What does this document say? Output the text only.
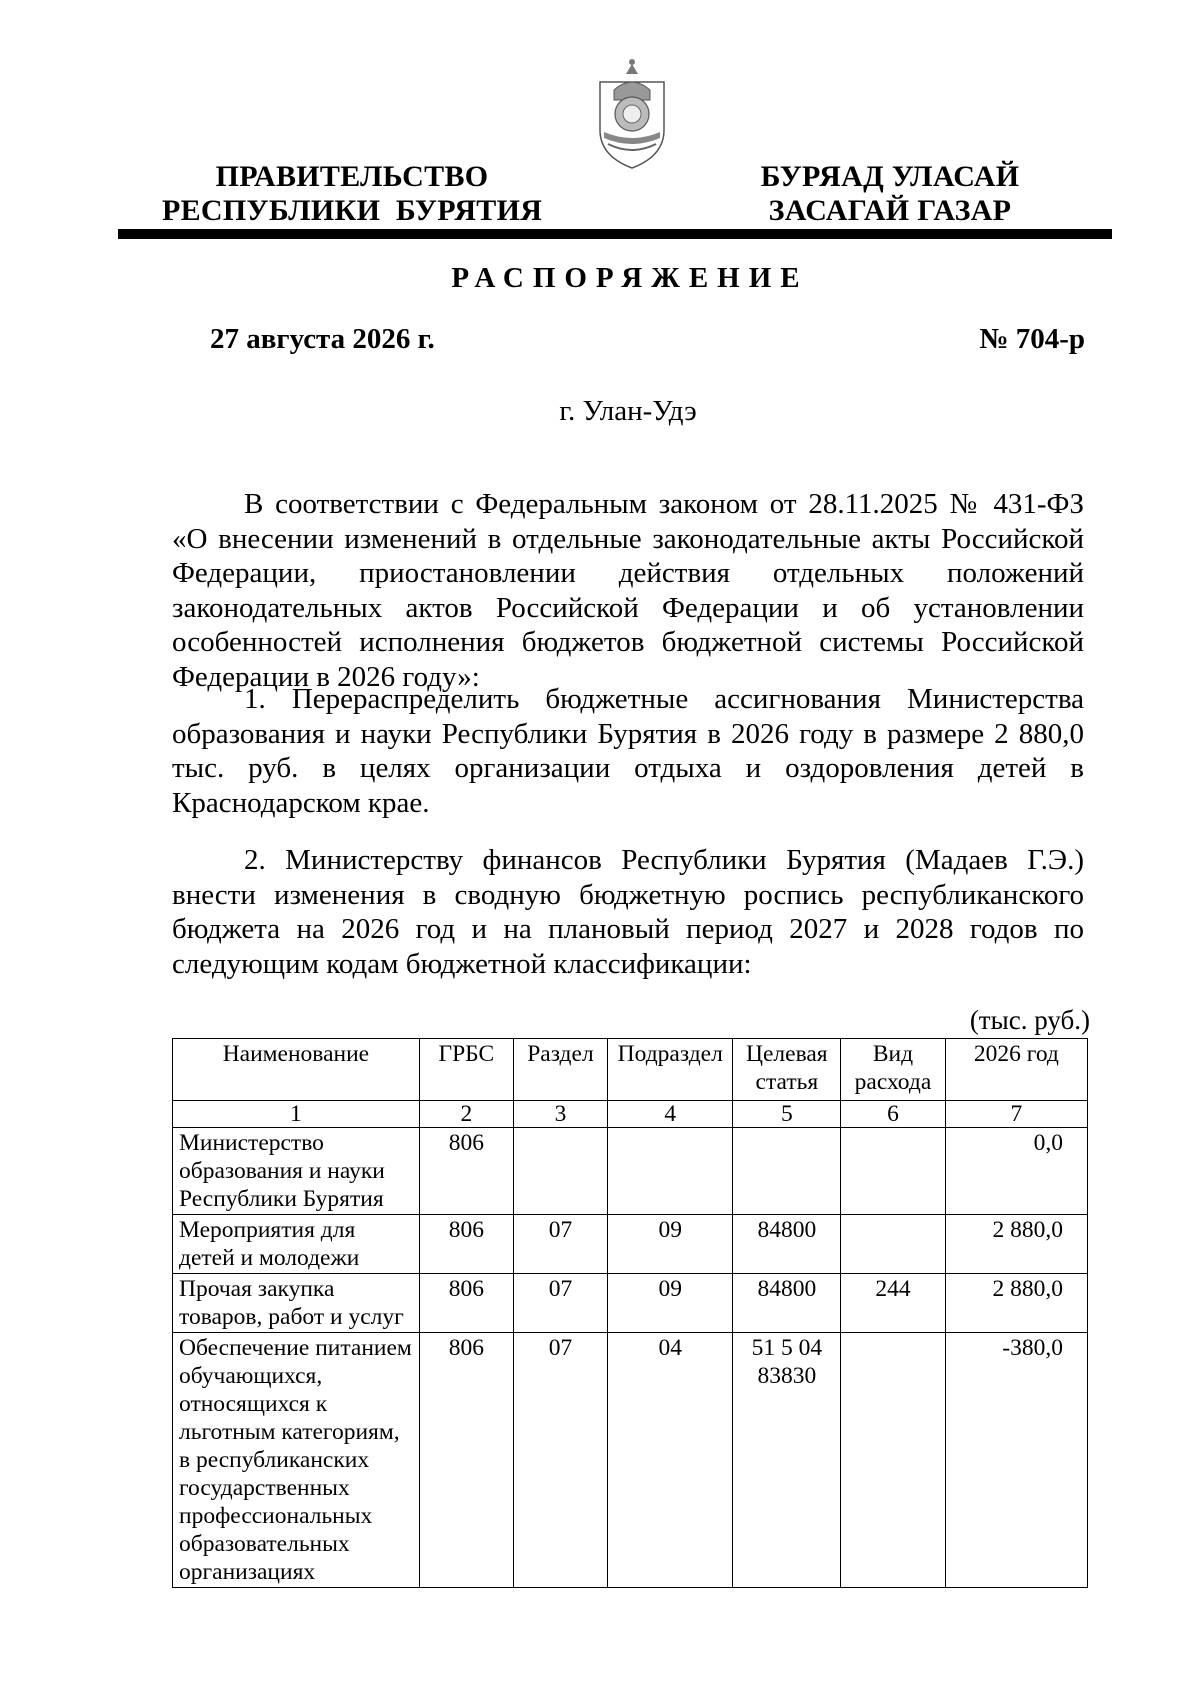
ПРАВИТЕЛЬСТВО
РЕСПУБЛИКИ  БУРЯТИЯ
БУРЯАД УЛАСАЙ
ЗАСАГАЙ ГАЗАР
РАСПОРЯЖЕНИЕ
27 августа 2026 г.	№ 704-р
г. Улан-Удэ
В соответствии с Федеральным законом от 28.11.2025 № 431-ФЗ «О внесении изменений в отдельные законодательные акты Российской Федерации, приостановлении действия отдельных положений законодательных актов Российской Федерации и об установлении особенностей исполнения бюджетов бюджетной системы Российской Федерации в 2026 году»:
1. Перераспределить бюджетные ассигнования Министерства образования и науки Республики Бурятия в 2026 году в размере 2 880,0 тыс. руб. в целях организации отдыха и оздоровления детей в Краснодарском крае.
2. Министерству финансов Республики Бурятия (Мадаев Г.Э.) внести изменения в сводную бюджетную роспись республиканского бюджета на 2026 год и на плановый период 2027 и 2028 годов по следующим кодам бюджетной классификации:
(тыс. руб.)
Наименование	ГРБС	Раздел	Подраздел	Целевая статья	Вид расхода	2026 год
1	2	3	4	5	6	7
Министерство образования и науки Республики Бурятия	806					0,0
Мероприятия для детей и молодежи	806	07	09	84800		2 880,0
Прочая закупка товаров, работ и услуг	806	07	09	84800	244	2 880,0
Обеспечение питанием обучающихся, относящихся к льготным категориям, в республиканских государственных профессиональных образовательных организациях	806	07	04	51 5 04 83830		-380,0
